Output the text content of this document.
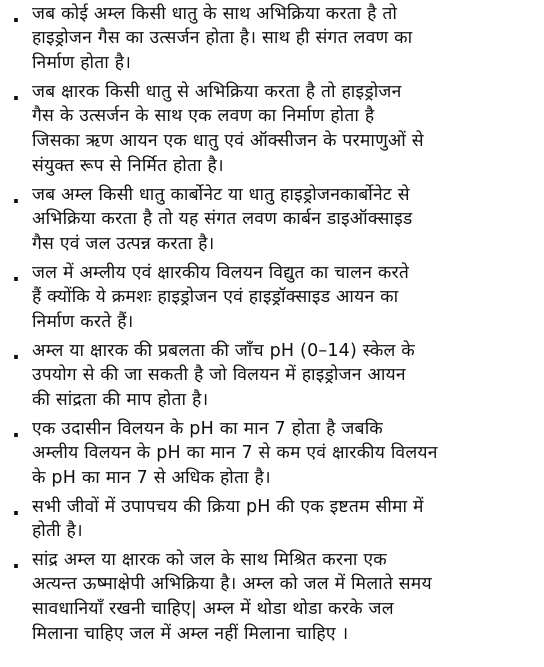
. जब कोई अम्ल किसी धातु के साथ अभिक्रिया करता है तो
हाइड्रोजन गैस का उत्सर्जन होता है। साथ ही संगत लवण का
निर्माण होता है।
. जब क्षारक किसी धातु से अभिक्रिया करता है तो हाइड्रोजन
गैस के उत्सर्जन के साथ एक लवण का निर्माण होता है
जिसका ऋण आयन एक धातु एवं ऑक्सीजन के परमाणुओं से
संयुक्त रूप से निर्मित होता है।
. जब अम्ल किसी धातु कार्बोनेट या धातु हाइड्रोजनकार्बोनेट से
अभिक्रिया करता है तो यह संगत लवण कार्बन डाइऑक्साइड
गैस एवं जल उत्पन्न करता है।
. जल में अम्लीय एवं क्षारकीय विलयन विद्युत का चालन करते
हैं क्योंकि ये क्रमशः हाइड्रोजन एवं हाइड्रॉक्साइड आयन का
निर्माण करते हैं।
. अम्ल या क्षारक की प्रबलता की जाँच pH (0–14) स्केल के
उपयोग से की जा सकती है जो विलयन में हाइड्रोजन आयन
की सांद्रता की माप होता है।
. एक उदासीन विलयन के pH का मान 7 होता है जबकि
अम्लीय विलयन के pH का मान 7 से कम एवं क्षारकीय विलयन
के pH का मान 7 से अधिक होता है।
. सभी जीवों में उपापचय की क्रिया pH की एक इष्टतम सीमा में
होती है।
. सांद्र अम्ल या क्षारक को जल के साथ मिश्रित करना एक
अत्यन्त ऊष्माक्षेपी अभिक्रिया है। अम्ल को जल में मिलाते समय
सावधानियाँ रखनी चाहिए| अम्ल में थोडा थोडा करके जल
मिलाना चाहिए जल में अम्ल नहीं मिलाना चाहिए ।
